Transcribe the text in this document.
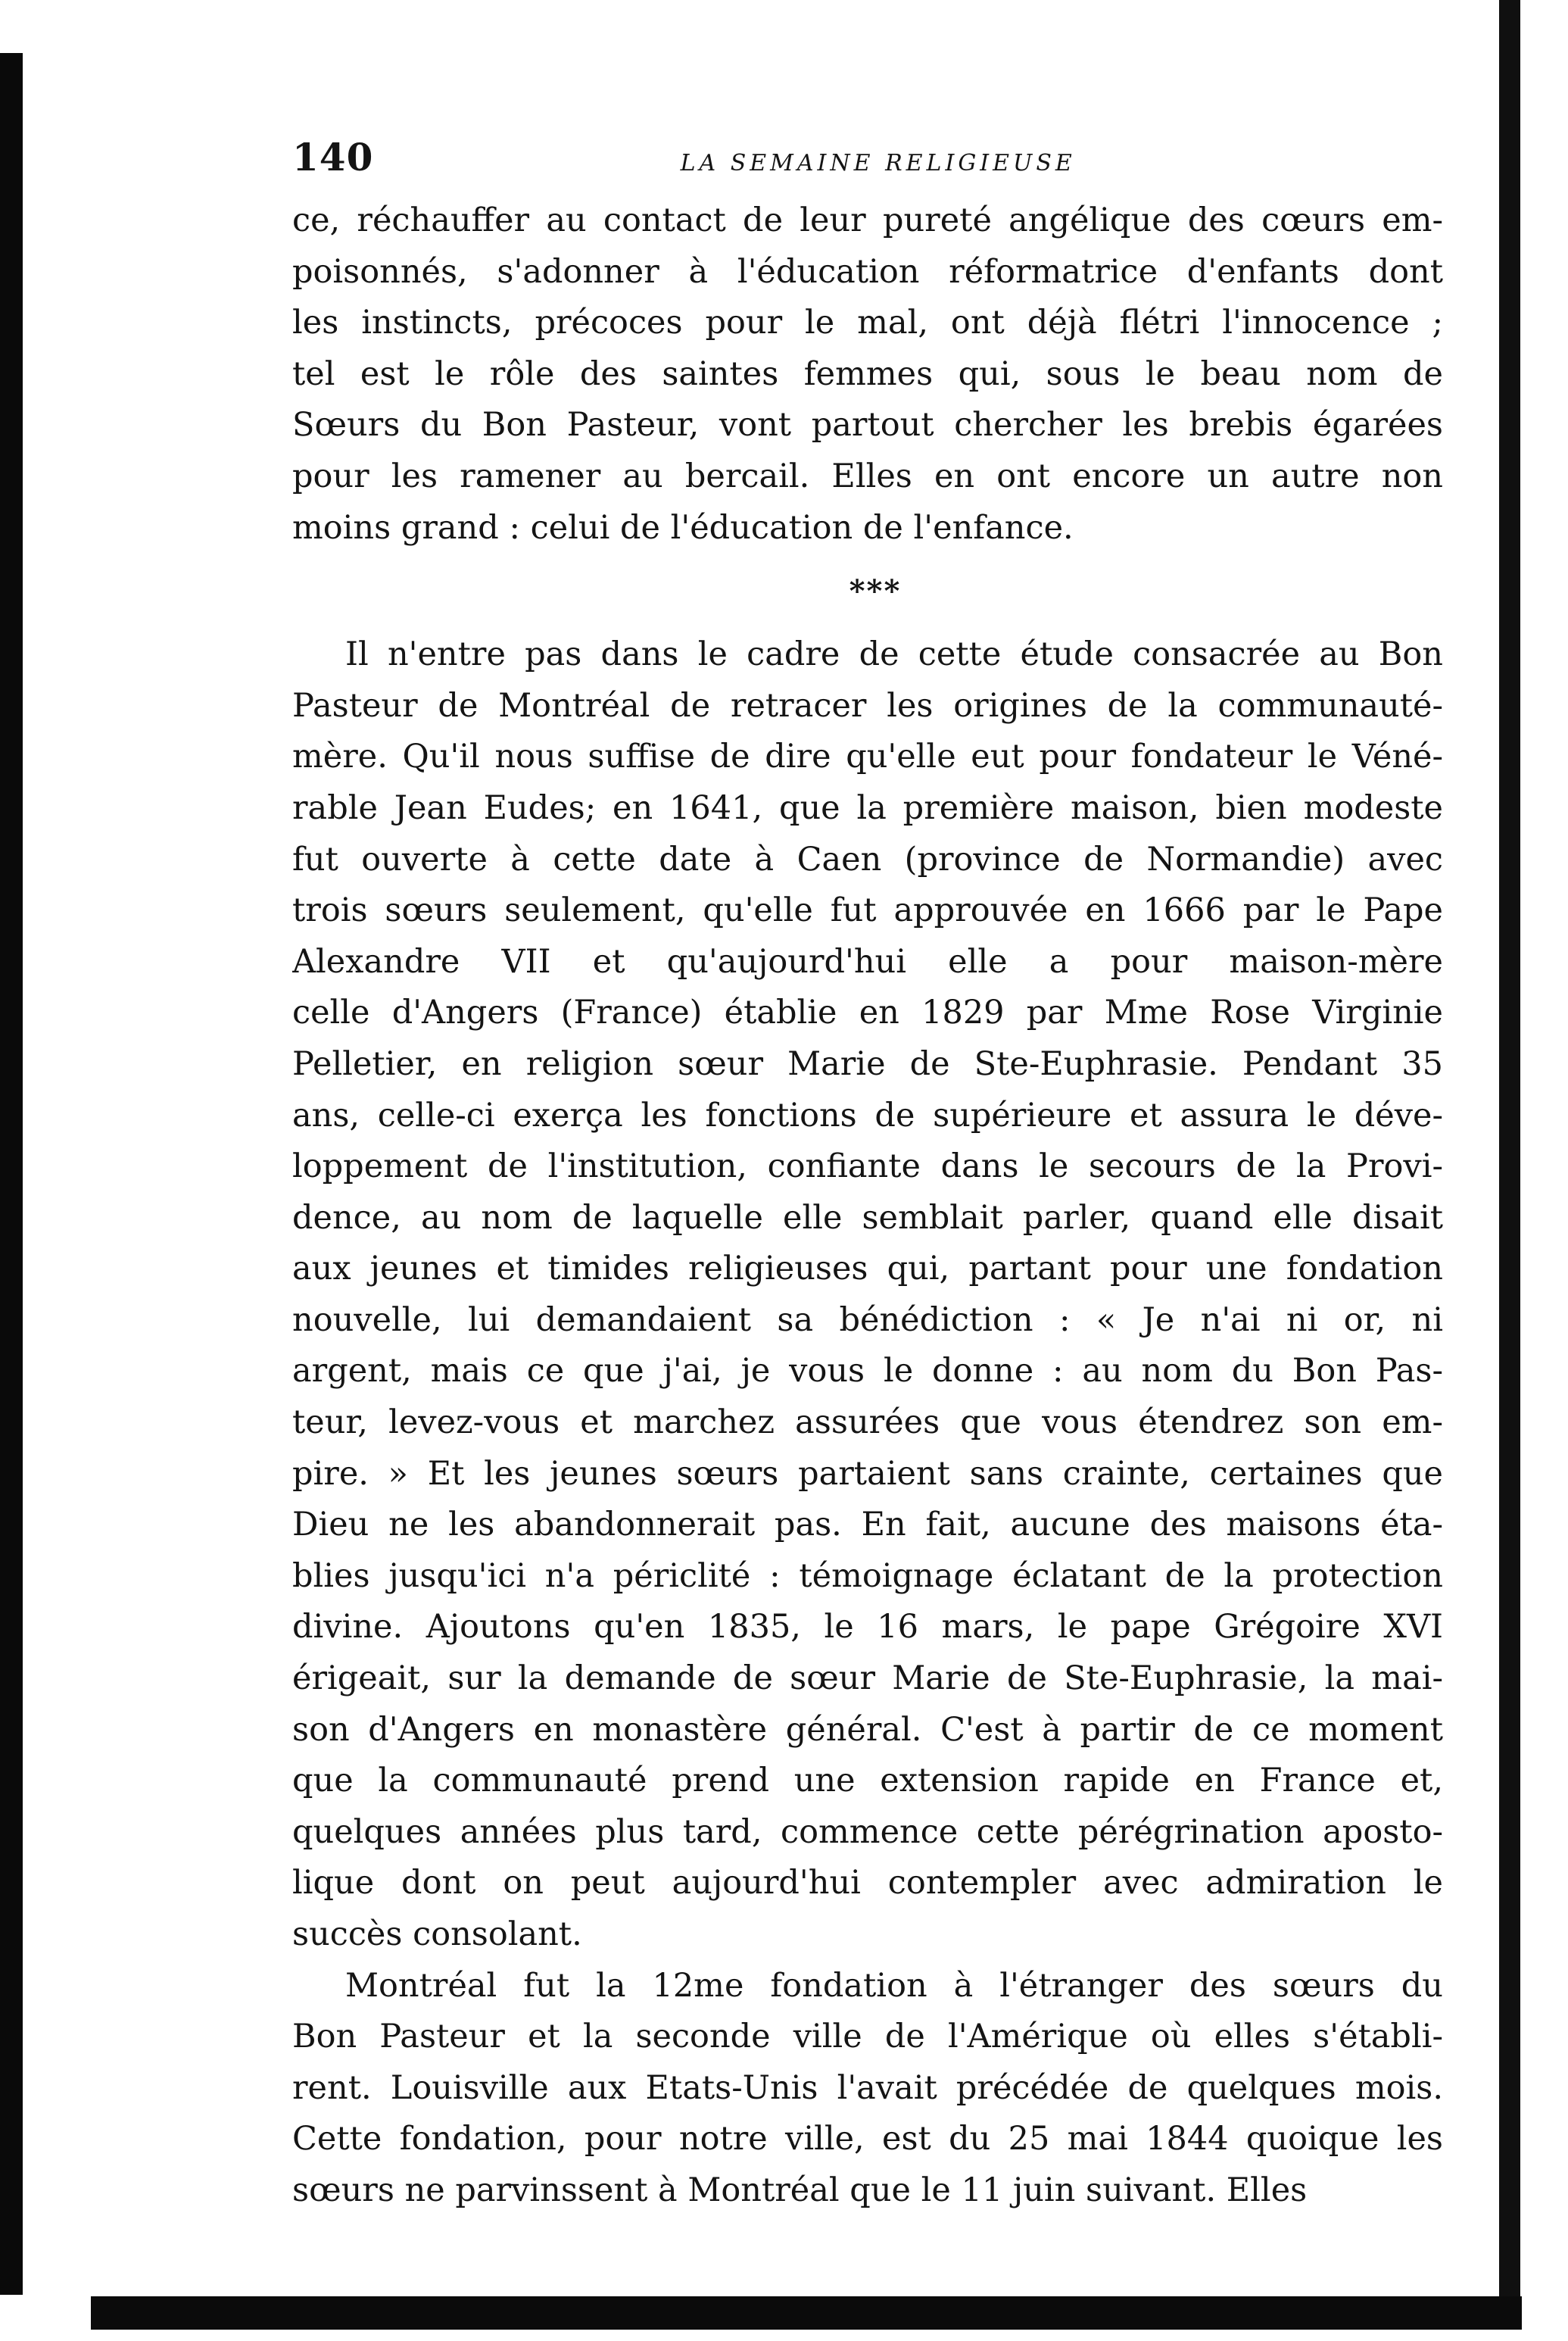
140	LA SEMAINE RELIGIEUSE
ce, réchauffer au contact de leur pureté angélique des cœurs em-
poisonnés, s'adonner à l'éducation réformatrice d'enfants dont
les instincts, précoces pour le mal, ont déjà flétri l'innocence ;
tel est le rôle des saintes femmes qui, sous le beau nom de
Sœurs du Bon Pasteur, vont partout chercher les brebis égarées
pour les ramener au bercail. Elles en ont encore un autre non
moins grand : celui de l'éducation de l'enfance.
***
Il n'entre pas dans le cadre de cette étude consacrée au Bon
Pasteur de Montréal de retracer les origines de la communauté-
mère. Qu'il nous suffise de dire qu'elle eut pour fondateur le Véné-
rable Jean Eudes; en 1641, que la première maison, bien modeste
fut ouverte à cette date à Caen (province de Normandie) avec
trois sœurs seulement, qu'elle fut approuvée en 1666 par le Pape
Alexandre VII et qu'aujourd'hui elle a pour maison-mère
celle d'Angers (France) établie en 1829 par Mme Rose Virginie
Pelletier, en religion sœur Marie de Ste-Euphrasie. Pendant 35
ans, celle-ci exerça les fonctions de supérieure et assura le déve-
loppement de l'institution, confiante dans le secours de la Provi-
dence, au nom de laquelle elle semblait parler, quand elle disait
aux jeunes et timides religieuses qui, partant pour une fondation
nouvelle, lui demandaient sa bénédiction : « Je n'ai ni or, ni
argent, mais ce que j'ai, je vous le donne : au nom du Bon Pas-
teur, levez-vous et marchez assurées que vous étendrez son em-
pire. » Et les jeunes sœurs partaient sans crainte, certaines que
Dieu ne les abandonnerait pas. En fait, aucune des maisons éta-
blies jusqu'ici n'a périclité : témoignage éclatant de la protection
divine. Ajoutons qu'en 1835, le 16 mars, le pape Grégoire XVI
érigeait, sur la demande de sœur Marie de Ste-Euphrasie, la mai-
son d'Angers en monastère général. C'est à partir de ce moment
que la communauté prend une extension rapide en France et,
quelques années plus tard, commence cette pérégrination aposto-
lique dont on peut aujourd'hui contempler avec admiration le
succès consolant.
Montréal fut la 12me fondation à l'étranger des sœurs du
Bon Pasteur et la seconde ville de l'Amérique où elles s'établi-
rent. Louisville aux Etats-Unis l'avait précédée de quelques mois.
Cette fondation, pour notre ville, est du 25 mai 1844 quoique les
sœurs ne parvinssent à Montréal que le 11 juin suivant. Elles
